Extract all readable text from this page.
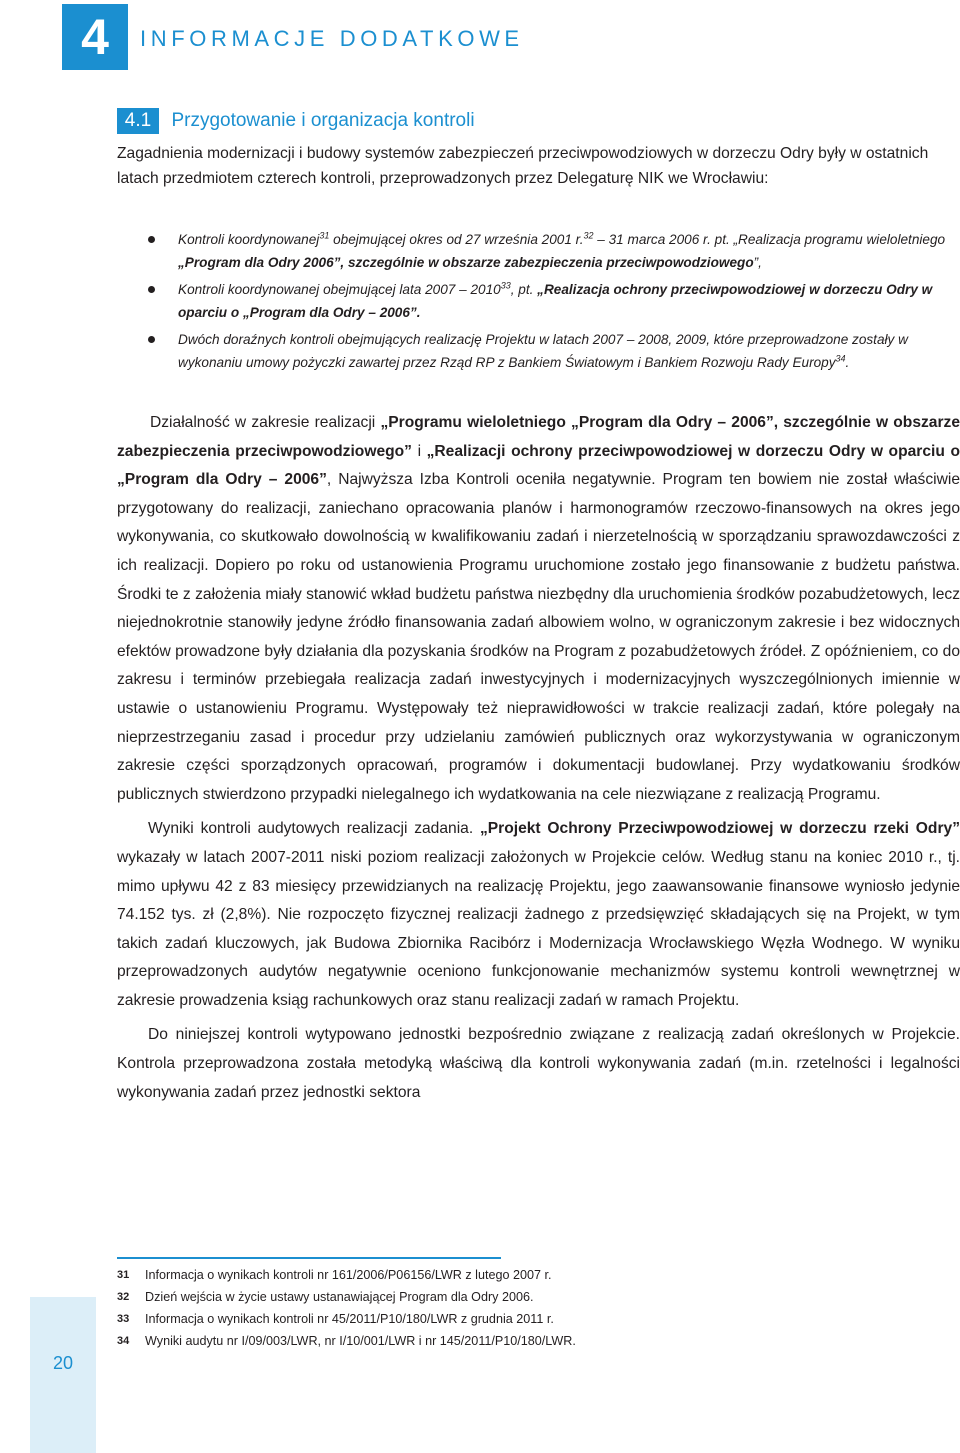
4	INFORMACJE DODATKOWE
4.1 Przygotowanie i organizacja kontroli

Zagadnienia modernizacji i budowy systemów zabezpieczeń przeciwpowodziowych w dorzeczu Odry były w ostatnich latach przedmiotem czterech kontroli, przeprowadzonych przez Delegaturę NIK we Wrocławiu:

Kontroli koordynowanej$^{31}$ obejmującej okres od 27 września 2001 r.$^{32}$ – 31 marca 2006 r. pt. „Realizacja programu wieloletniego „Program dla Odry 2006”, szczególnie w obszarze zabezpieczenia przeciwpowodziowego”,
Kontroli koordynowanej obejmującej lata 2007 – 2010$^{33}$, pt. „Realizacja ochrony przeciwpowodziowej w dorzeczu Odry w oparciu o „Program dla Odry – 2006”.
Dwóch doraźnych kontroli obejmujących realizację Projektu w latach 2007 – 2008, 2009, które przeprowadzone zostały w wykonaniu umowy pożyczki zawartej przez Rząd RP z Bankiem Światowym i Bankiem Rozwoju Rady Europy$^{34}$.

Działalność w zakresie realizacji „Programu wieloletniego „Program dla Odry – 2006”, szczególnie w obszarze zabezpieczenia przeciwpowodziowego” i „Realizacji ochrony przeciwpowodziowej w dorzeczu Odry w oparciu o „Program dla Odry – 2006”, Najwyższa Izba Kontroli oceniła negatywnie. Program ten bowiem nie został właściwie przygotowany do realizacji, zaniechano opracowania planów i harmonogramów rzeczowo-finansowych na okres jego wykonywania, co skutkowało dowolnością w kwalifikowaniu zadań i nierzetelnością w sporządzaniu sprawozdawczości z ich realizacji. Dopiero po roku od ustanowienia Programu uruchomione zostało jego finansowanie z budżetu państwa. Środki te z założenia miały stanowić wkład budżetu państwa niezbędny dla uruchomienia środków pozabudżetowych, lecz niejednokrotnie stanowiły jedyne źródło finansowania zadań albowiem wolno, w ograniczonym zakresie i bez widocznych efektów prowadzone były działania dla pozyskania środków na Program z pozabudżetowych źródeł. Z opóźnieniem, co do zakresu i terminów przebiegała realizacja zadań inwestycyjnych i modernizacyjnych wyszczególnionych imiennie w ustawie o ustanowieniu Programu. Występowały też nieprawidłowości w trakcie realizacji zadań, które polegały na nieprzestrzeganiu zasad i procedur przy udzielaniu zamówień publicznych oraz wykorzystywania w ograniczonym zakresie części sporządzonych opracowań, programów i dokumentacji budowlanej. Przy wydatkowaniu środków publicznych stwierdzono przypadki nielegalnego ich wydatkowania na cele niezwiązane z realizacją Programu.

Wyniki kontroli audytowych realizacji zadania. „Projekt Ochrony Przeciwpowodziowej w dorzeczu rzeki Odry” wykazały w latach 2007-2011 niski poziom realizacji założonych w Projekcie celów. Według stanu na koniec 2010 r., tj. mimo upływu 42 z 83 miesięcy przewidzianych na realizację Projektu, jego zaawansowanie finansowe wyniosło jedynie 74.152 tys. zł (2,8%). Nie rozpoczęto fizycznej realizacji żadnego z przedsięwzięć składających się na Projekt, w tym takich zadań kluczowych, jak Budowa Zbiornika Racibórz i Modernizacja Wrocławskiego Węzła Wodnego. W wyniku przeprowadzonych audytów negatywnie oceniono funkcjonowanie mechanizmów systemu kontroli wewnętrznej w zakresie prowadzenia ksiąg rachunkowych oraz stanu realizacji zadań w ramach Projektu.

Do niniejszej kontroli wytypowano jednostki bezpośrednio związane z realizacją zadań określonych w Projekcie. Kontrola przeprowadzona została metodyką właściwą dla kontroli wykonywania zadań (m.in. rzetelności i legalności wykonywania zadań przez jednostki sektora

31	Informacja o wynikach kontroli nr 161/2006/P06156/LWR z lutego 2007 r.
32	Dzień wejścia w życie ustawy ustanawiającej Program dla Odry 2006.
33	Informacja o wynikach kontroli nr 45/2011/P10/180/LWR z grudnia 2011 r.
34	Wyniki audytu nr I/09/003/LWR, nr I/10/001/LWR i nr 145/2011/P10/180/LWR.
20
